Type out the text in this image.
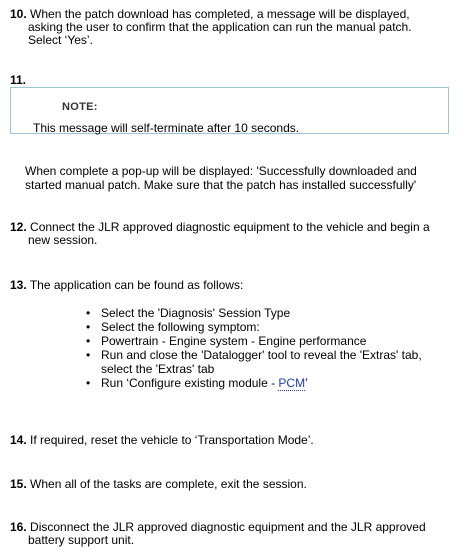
10. When the patch download has completed, a message will be displayed,
asking the user to confirm that the application can run the manual patch.
Select ‘Yes’.
11.
NOTE:
This message will self-terminate after 10 seconds.
When complete a pop-up will be displayed: 'Successfully downloaded and
started manual patch. Make sure that the patch has installed successfully'
12. Connect the JLR approved diagnostic equipment to the vehicle and begin a
new session.
13. The application can be found as follows:
• Select the 'Diagnosis' Session Type
• Select the following symptom:
• Powertrain - Engine system - Engine performance
• Run and close the 'Datalogger' tool to reveal the 'Extras' tab,
select the 'Extras' tab
• Run ‘Configure existing module - PCM’
14. If required, reset the vehicle to ‘Transportation Mode’.
15. When all of the tasks are complete, exit the session.
16. Disconnect the JLR approved diagnostic equipment and the JLR approved
battery support unit.
